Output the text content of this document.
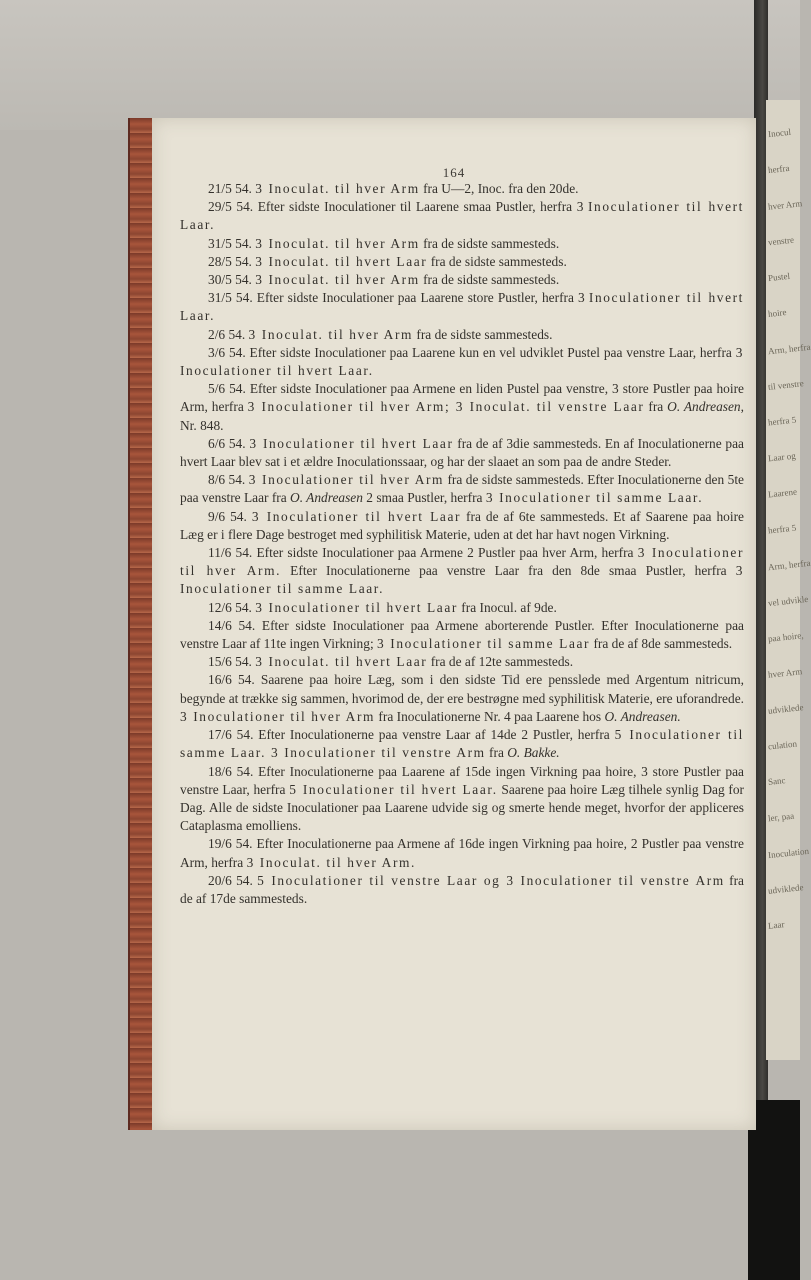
Inocul
herfra
hver Arm
venstre
Pustel
hoire
Arm, herfra
til venstre
herfra 5
Laar og
Laarene
herfra 5
Arm, herfra
vel udvikle
paa hoire,
hver Arm
udviklede
culation
Sanc
ler, paa
Inoculation
udviklede
Laar
164

21/5 54. 3 Inoculat. til hver Arm fra U—2, Inoc. fra den 20de.

29/5 54. Efter sidste Inoculationer til Laarene smaa Pustler, herfra 3 Inoculationer til hvert Laar.

31/5 54. 3 Inoculat. til hver Arm fra de sidste sammesteds.

28/5 54. 3 Inoculat. til hvert Laar fra de sidste sammesteds.

30/5 54. 3 Inoculat. til hver Arm fra de sidste sammesteds.

31/5 54. Efter sidste Inoculationer paa Laarene store Pustler, herfra 3 Inoculationer til hvert Laar.

2/6 54. 3 Inoculat. til hver Arm fra de sidste sammesteds.

3/6 54. Efter sidste Inoculationer paa Laarene kun en vel udviklet Pustel paa venstre Laar, herfra 3 Inoculationer til hvert Laar.

5/6 54. Efter sidste Inoculationer paa Armene en liden Pustel paa venstre, 3 store Pustler paa hoire Arm, herfra 3 Inoculationer til hver Arm; 3 Inoculat. til venstre Laar fra O. Andreasen, Nr. 848.

6/6 54. 3 Inoculationer til hvert Laar fra de af 3die sammesteds. En af Inoculationerne paa hvert Laar blev sat i et ældre Inoculationssaar, og har der slaaet an som paa de andre Steder.

8/6 54. 3 Inoculationer til hver Arm fra de sidste sammesteds. Efter Inoculationerne den 5te paa venstre Laar fra O. Andreasen 2 smaa Pustler, herfra 3 Inoculationer til samme Laar.

9/6 54. 3 Inoculationer til hvert Laar fra de af 6te sammesteds. Et af Saarene paa hoire Læg er i flere Dage bestroget med syphilitisk Materie, uden at det har havt nogen Virkning.

11/6 54. Efter sidste Inoculationer paa Armene 2 Pustler paa hver Arm, herfra 3 Inoculationer til hver Arm. Efter Inoculationerne paa venstre Laar fra den 8de smaa Pustler, herfra 3 Inoculationer til samme Laar.

12/6 54. 3 Inoculationer til hvert Laar fra Inocul. af 9de.

14/6 54. Efter sidste Inoculationer paa Armene aborterende Pustler. Efter Inoculationerne paa venstre Laar af 11te ingen Virkning; 3 Inoculationer til samme Laar fra de af 8de sammesteds.

15/6 54. 3 Inoculat. til hvert Laar fra de af 12te sammesteds.

16/6 54. Saarene paa hoire Læg, som i den sidste Tid ere pensslede med Argentum nitricum, begynde at trække sig sammen, hvorimod de, der ere bestrøgne med syphilitisk Materie, ere uforandrede. 3 Inoculationer til hver Arm fra Inoculationerne Nr. 4 paa Laarene hos O. Andreasen.

17/6 54. Efter Inoculationerne paa venstre Laar af 14de 2 Pustler, herfra 5 Inoculationer til samme Laar. 3 Inoculationer til venstre Arm fra O. Bakke.

18/6 54. Efter Inoculationerne paa Laarene af 15de ingen Virkning paa hoire, 3 store Pustler paa venstre Laar, herfra 5 Inoculationer til hvert Laar. Saarene paa hoire Læg tilhele synlig Dag for Dag. Alle de sidste Inoculationer paa Laarene udvide sig og smerte hende meget, hvorfor der appliceres Cataplasma emolliens.

19/6 54. Efter Inoculationerne paa Armene af 16de ingen Virkning paa hoire, 2 Pustler paa venstre Arm, herfra 3 Inoculat. til hver Arm.

20/6 54. 5 Inoculationer til venstre Laar og 3 Inoculationer til venstre Arm fra de af 17de sammesteds.
